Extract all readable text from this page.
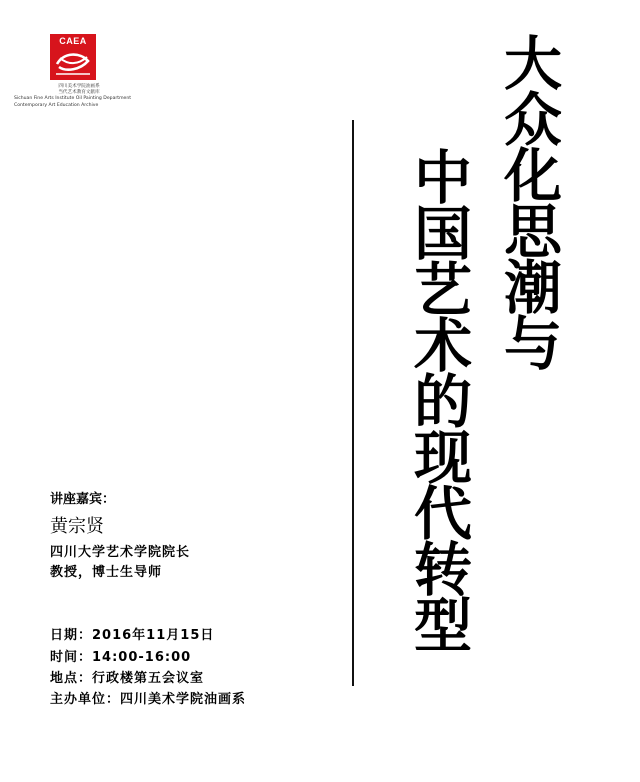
CAEA
四川美术学院油画系
当代艺术教育文献库
Sichuan Fine Arts Institute Oil Painting Department
Contemporary Art Education Archive
大
众
化
思
潮
与
中
国
艺
术
的
现
代
转
型
讲座嘉宾：
黄宗贤
四川大学艺术学院院长
教授，博士生导师
日期：2016年11月15日
时间：14:00-16:00
地点：行政楼第五会议室
主办单位：四川美术学院油画系
